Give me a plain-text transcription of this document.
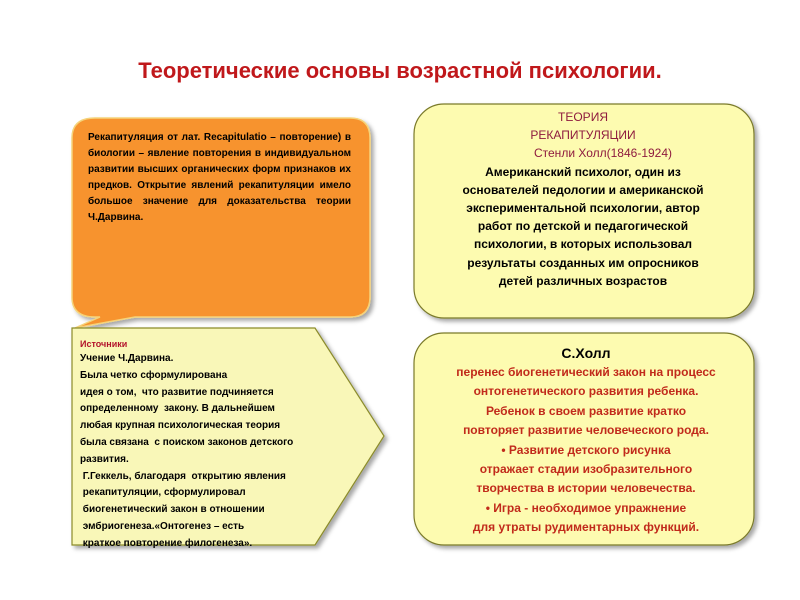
Теоретические основы возрастной психологии.
Рекапитуляция от лат. Recapitulatio – повторение) в биологии – явление повторения в индивидуальном развитии высших органических форм признаков их предков. Открытие явлений рекапитуляции имело большое значение для доказательства теории Ч.Дарвина.
Источники
Учение Ч.Дарвина.
Была четко сформулирована
идея о том,  что развитие подчиняется
определенному  закону. В дальнейшем
любая крупная психологическая теория
была связана  с поиском законов детского
развития.
Г.Геккель, благодаря  открытию явления
рекапитуляции, сформулировал
биогенетический закон в отношении
эмбриогенеза.«Онтогенез – есть
краткое повторение филогенеза».
ТЕОРИЯ
РЕКАПИТУЛЯЦИИ
Стенли Холл(1846-1924)
Американский психолог, один из
основателей педологии и американской
экспериментальной психологии, автор
работ по детской и педагогической
психологии, в которых использовал
результаты созданных им опросников
детей различных возрастов
С.Холл
перенес биогенетический закон на процесс
онтогенетического развития ребенка.
Ребенок в своем развитие кратко
повторяет развитие человеческого рода.
• Развитие детского рисунка
отражает стадии изобразительного
творчества в истории человечества.
• Игра - необходимое упражнение
для утраты рудиментарных функций.
